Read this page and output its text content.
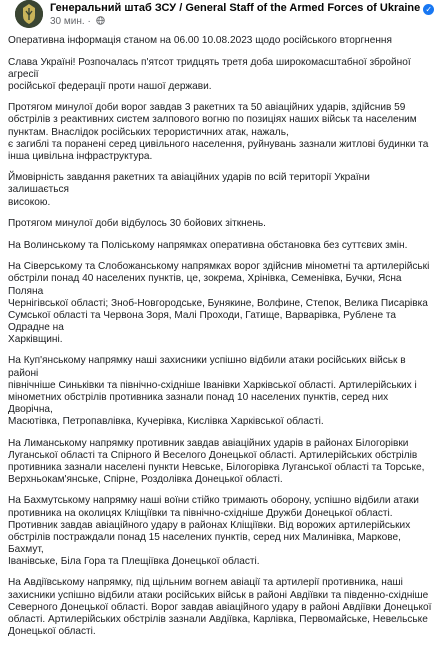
Генеральний штаб ЗСУ / General Staff of the Armed Forces of Ukraine ✓
30 мин. ·

Оперативна інформація станом на 06.00 10.08.2023 щодо російського вторгнення

Слава Україні! Розпочалась п'ятсот тридцять третя доба широкомасштабної збройної агресії
російської федерації проти нашої держави.

Протягом минулої доби ворог завдав 3 ракетних та 50 авіаційних ударів, здійснив 59
обстрілів з реактивних систем залпового вогню по позиціях наших військ та населеним
пунктам. Внаслідок російських терористичних атак, нажаль,
є загиблі та поранені серед цивільного населення, руйнувань зазнали житлові будинки та
інша цивільна інфраструктура.

Ймовірність завдання ракетних та авіаційних ударів по всій території України залишається
високою.

Протягом минулої доби відбулось 30 бойових зіткнень.

На Волинському та Поліському напрямках оперативна обстановка без суттєвих змін.

На Сіверському та Слобожанському напрямках ворог здійснив мінометні та артилерійські
обстріли понад 40 населених пунктів, це, зокрема, Хрінівка, Семенівка, Бучки, Ясна Поляна
Чернігівської області; Зноб-Новгородське, Бунякине, Волфине, Степок, Велика Писарівка
Сумської області та Червона Зоря, Малі Проходи, Гатище, Варварівка, Рублене та Одрадне на
Харківщині.

На Куп'янському напрямку наші захисники успішно відбили атаки російських військ в районі
північніше Синьківки та північно-східніше Іванівки Харківської області. Артилерійських і
мінометних обстрілів противника зазнали понад 10 населених пунктів, серед них Дворічна,
Масютівка, Петропавлівка, Кучерівка, Кислівка Харківської області.

На Лиманському напрямку противник завдав авіаційних ударів в районах Білогорівки
Луганської області та Спірного й Веселого Донецької області. Артилерійських обстрілів
противника зазнали населені пункти Невське, Білогорівка Луганської області та Торське,
Верхньокам'янське, Спірне, Роздолівка Донецької області.

На Бахмутському напрямку наші воїни стійко тримають оборону, успішно відбили атаки
противника на околицях Кліщіївки та північно-східніше Дружби Донецької області.
Противник завдав авіаційного удару в районах Кліщіївки. Від ворожих артилерійських
обстрілів постраждали понад 15 населених пунктів, серед них Малинівка, Маркове, Бахмут,
Іванівське, Біла Гора та Плещіївка Донецької області.

На Авдіївському напрямку, під щільним вогнем авіації та артилерії противника, наші
захисники успішно відбили атаки російських військ в районі Авдіївки та південно-східніше
Северного Донецької області. Ворог завдав авіаційного удару в районі Авдіївки Донецької
області. Артилерійських обстрілів зазнали Авдіївка, Карлівка, Первомайське, Невельське
Донецької області.
